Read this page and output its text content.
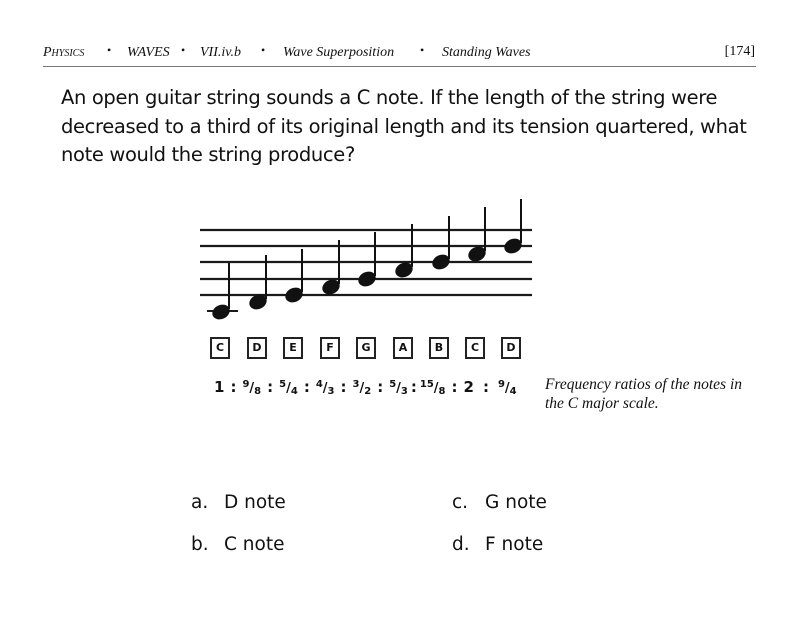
Physics • WAVES • VII.iv.b • Wave Superposition • Standing Waves	[174]

An open guitar string sounds a C note. If the length of the string were

decreased to a third of its original length and its tension quartered, what

note would the string produce?

C	D	E	F	G	A	B	C	D
1 : $^9/_8$ : $^5/_4$ : $^4/_3$ : $^3/_2$ : $^5/_3$ : $^{15}/_8$ : 2 : $^9/_4$ Frequency ratios of the notes in the C major scale.
a. D note
b. C note
c. G note
d. F note
